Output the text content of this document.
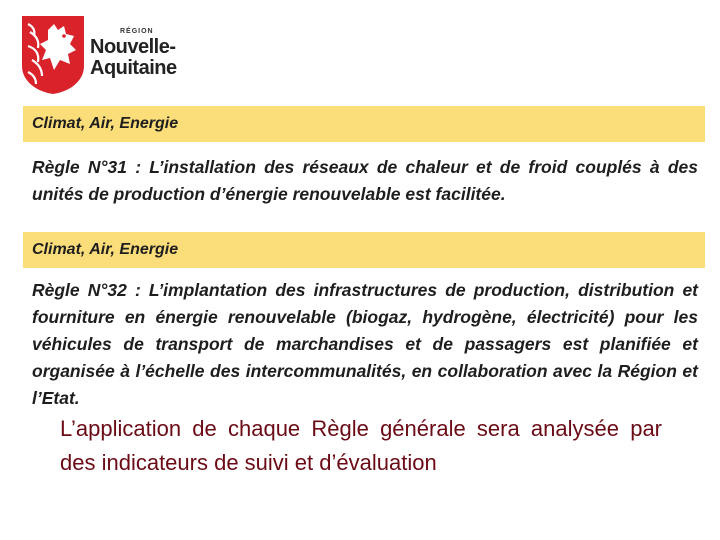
RÉGION
Nouvelle-
Aquitaine
Climat, Air, Energie
Règle N°31 : L’installation des réseaux de chaleur et de froid couplés à des unités de production d’énergie renouvelable est facilitée.
Climat, Air, Energie
Règle N°32 : L’implantation des infrastructures de production, distribution et fourniture en énergie renouvelable (biogaz, hydrogène, électricité) pour les véhicules de transport de marchandises et de passagers est planifiée et organisée à l’échelle des intercommunalités, en collaboration avec la Région et l’Etat.
L’application de chaque Règle générale sera analysée par des indicateurs de suivi et d’évaluation
